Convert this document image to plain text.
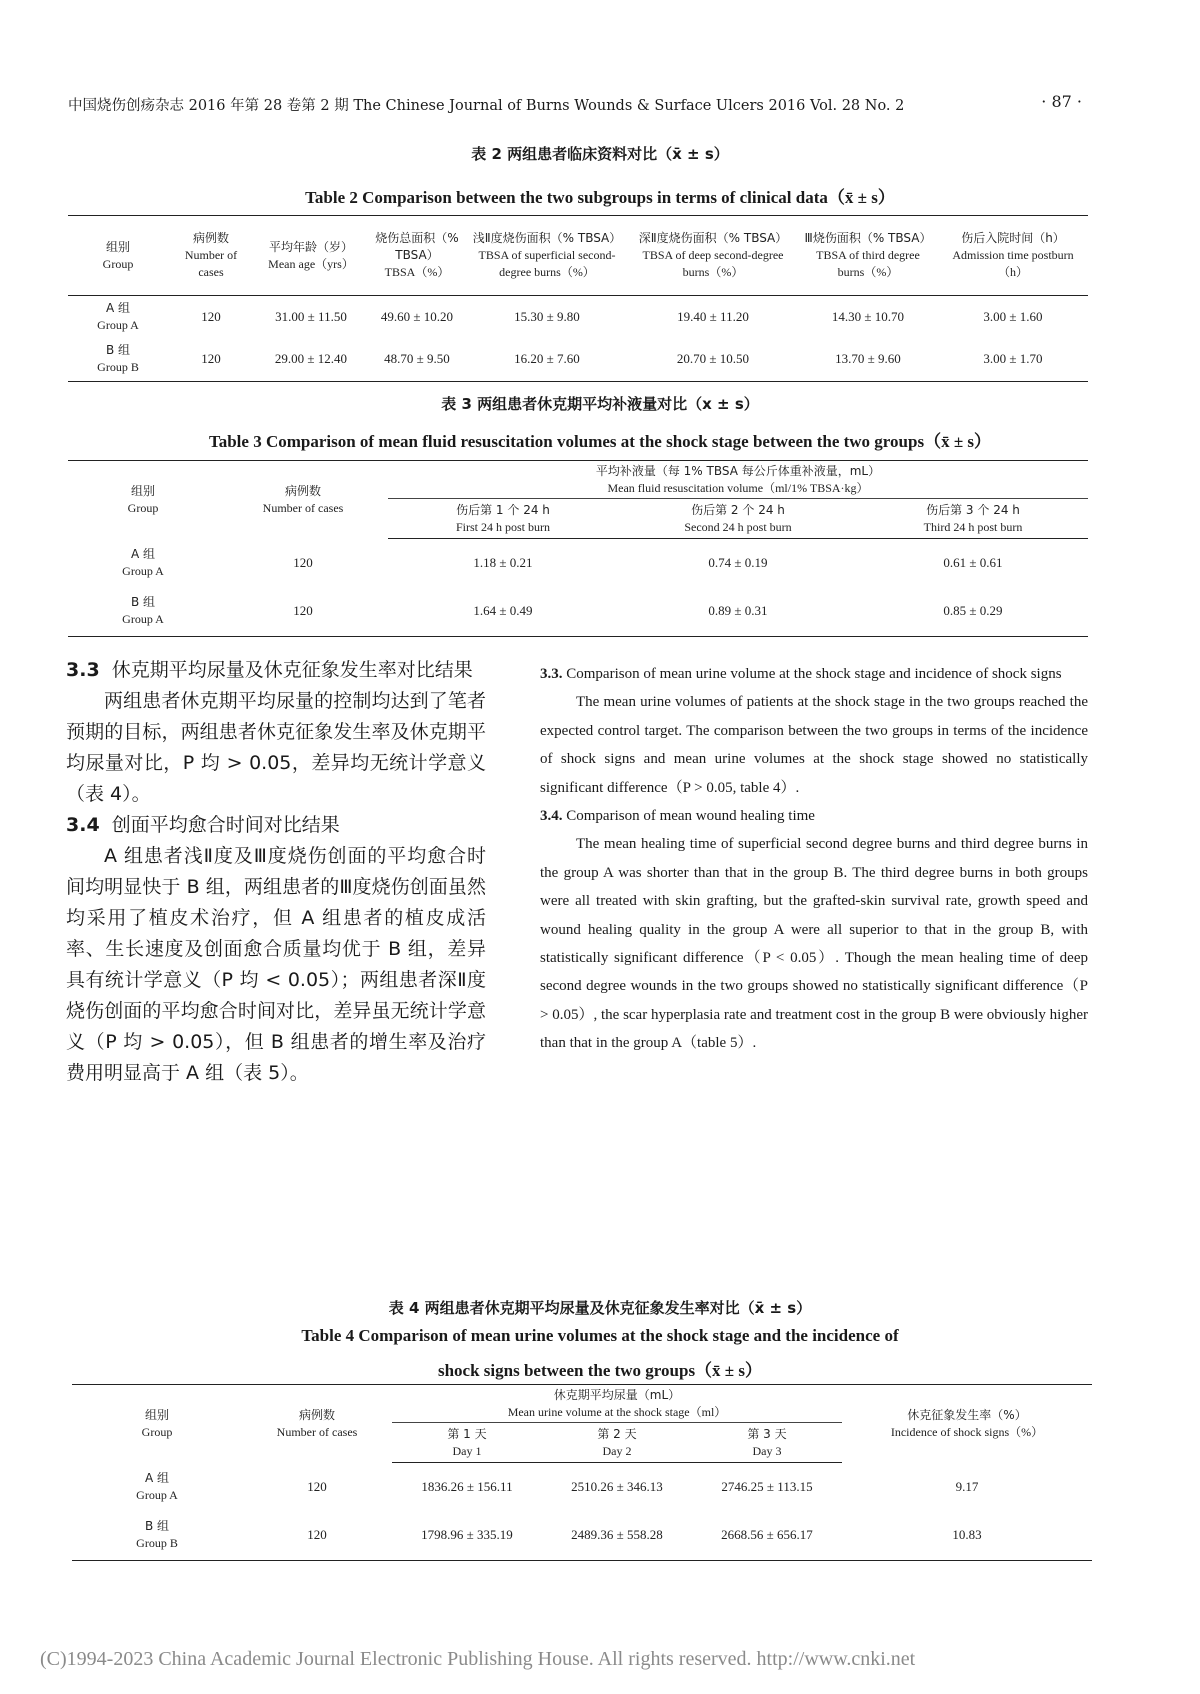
中国烧伤创疡杂志 2016 年第 28 卷第 2 期 The Chinese Journal of Burns Wounds & Surface Ulcers 2016 Vol. 28 No. 2	· 87 ·
表 2 两组患者临床资料对比（x̄ ± s）
Table 2 Comparison between the two subgroups in terms of clinical data（x̄ ± s）
组别
Group	病例数
Number of cases	平均年龄（岁）
Mean age（yrs）	烧伤总面积（% TBSA）
TBSA（%）	浅Ⅱ度烧伤面积（% TBSA）
TBSA of superficial second-degree burns（%）	深Ⅱ度烧伤面积（% TBSA）
TBSA of deep second-degree burns（%）	Ⅲ烧伤面积（% TBSA）
TBSA of third degree burns（%）	伤后入院时间（h）
Admission time postburn（h）

A 组
Group A	120	31.00 ± 11.50	49.60 ± 10.20	15.30 ± 9.80	19.40 ± 11.20	14.30 ± 10.70	3.00 ± 1.60

B 组
Group B	120	29.00 ± 12.40	48.70 ± 9.50	16.20 ± 7.60	20.70 ± 10.50	13.70 ± 9.60	3.00 ± 1.70
表 3 两组患者休克期平均补液量对比（x ± s）
Table 3 Comparison of mean fluid resuscitation volumes at the shock stage between the two groups（x̄ ± s）
组别
Group	病例数
Number of cases	平均补液量（每 1% TBSA 每公斤体重补液量，mL）
Mean fluid resuscitation volume（ml/1% TBSA·kg）		

		伤后第 1 个 24 h
First 24 h post burn	伤后第 2 个 24 h
Second 24 h post burn	伤后第 3 个 24 h
Third 24 h post burn

A 组
Group A	120	1.18 ± 0.21	0.74 ± 0.19	0.61 ± 0.61

B 组
Group A	120	1.64 ± 0.49	0.89 ± 0.31	0.85 ± 0.29
3.3 休克期平均尿量及休克征象发生率对比结果

两组患者休克期平均尿量的控制均达到了笔者预期的目标，两组患者休克征象发生率及休克期平均尿量对比，P 均 > 0.05，差异均无统计学意义（表 4）。

3.4 创面平均愈合时间对比结果

A 组患者浅Ⅱ度及Ⅲ度烧伤创面的平均愈合时间均明显快于 B 组，两组患者的Ⅲ度烧伤创面虽然均采用了植皮术治疗，但 A 组患者的植皮成活率、生长速度及创面愈合质量均优于 B 组，差异具有统计学意义（P 均 < 0.05）；两组患者深Ⅱ度烧伤创面的平均愈合时间对比，差异虽无统计学意义（P 均 > 0.05），但 B 组患者的增生率及治疗费用明显高于 A 组（表 5）。

3.3. Comparison of mean urine volume at the shock stage and incidence of shock signs

The mean urine volumes of patients at the shock stage in the two groups reached the expected control target. The comparison between the two groups in terms of the incidence of shock signs and mean urine volumes at the shock stage showed no statistically significant difference（P > 0.05, table 4）.

3.4. Comparison of mean wound healing time

The mean healing time of superficial second degree burns and third degree burns in the group A was shorter than that in the group B. The third degree burns in both groups were all treated with skin grafting, but the grafted-skin survival rate, growth speed and wound healing quality in the group A were all superior to that in the group B, with statistically significant difference（P < 0.05）. Though the mean healing time of deep second degree wounds in the two groups showed no statistically significant difference（P > 0.05）, the scar hyperplasia rate and treatment cost in the group B were obviously higher than that in the group A（table 5）.

表 4 两组患者休克期平均尿量及休克征象发生率对比（x̄ ± s）
Table 4 Comparison of mean urine volumes at the shock stage and the incidence of
shock signs between the two groups（x̄ ± s）
组别
Group	病例数
Number of cases	休克期平均尿量（mL）
Mean urine volume at the shock stage（ml）			休克征象发生率（%）
Incidence of shock signs（%）

		第 1 天
Day 1	第 2 天
Day 2	第 3 天
Day 3	

A 组
Group A	120	1836.26 ± 156.11	2510.26 ± 346.13	2746.25 ± 113.15	9.17

B 组
Group B	120	1798.96 ± 335.19	2489.36 ± 558.28	2668.56 ± 656.17	10.83
(C)1994-2023 China Academic Journal Electronic Publishing House. All rights reserved. http://www.cnki.net
